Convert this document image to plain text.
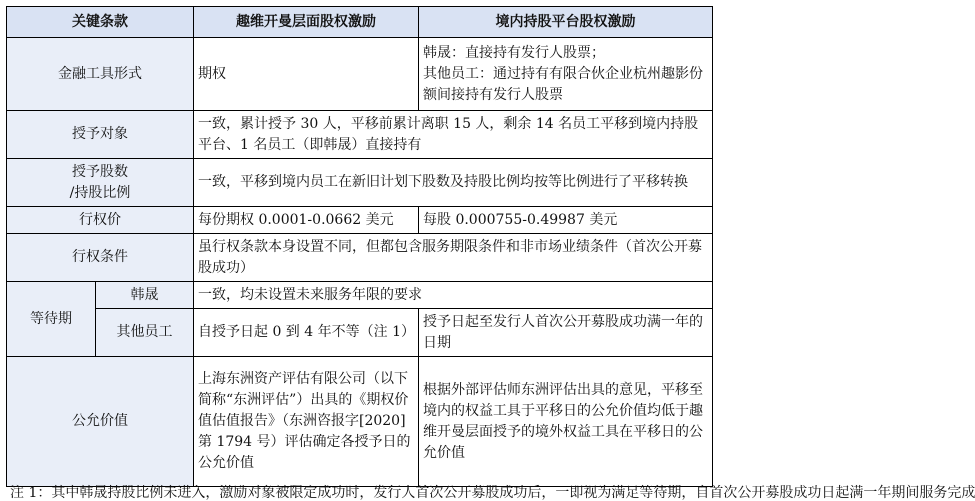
关键条款		趣维开曼层面股权激励	境内持股平台股权激励
金融工具形式		期权	韩晟：直接持有发行人股票；
其他员工：通过持有有限合伙企业杭州趣影份额间接持有发行人股票

授予对象		一致，累计授予 30 人，平移前累计离职 15 人，剩余 14 名员工平移到境内持股平台、1 名员工（即韩晟）直接持有	
授予股数
/持股比例		一致，平移到境内员工在新旧计划下股数及持股比例均按等比例进行了平移转换	
行权价		每份期权 0.0001-0.0662 美元	每股 0.000755-0.49987 美元
行权条件		虽行权条款本身设置不同，但都包含服务期限条件和非市场业绩条件（首次公开募股成功）	
等待期	韩晟	一致，均未设置未来服务年限的要求	
	其他员工	自授予日起 0 到 4 年不等（注 1）	授予日起至发行人首次公开募股成功满一年的日期
公允价值		上海东洲资产评估有限公司（以下简称“东洲评估”）出具的《期权价值估值报告》（东洲咨报字[2020]第 1794 号）评估确定各授予日的公允价值	根据外部评估师东洲评估出具的意见，平移至境内的权益工具于平移日的公允价值均低于趣维开曼层面授予的境外权益工具在平移日的公允价值
注 1：其中韩晟持股比例未进入，激励对象被限定成功时，发行人首次公开募股成功后，一即视为满足等待期，自首次公开募股成功日起满一年期间服务完成
